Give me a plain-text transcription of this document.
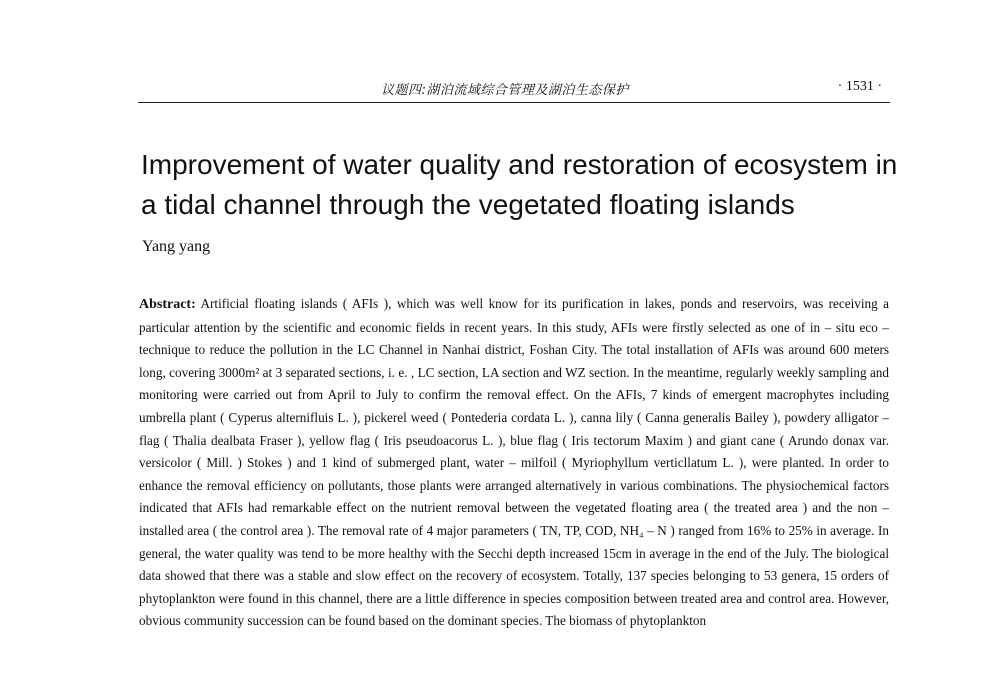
议题四:湖泊流域综合管理及湖泊生态保护	· 1531 ·
Improvement of water quality and restoration of ecosystem in a tidal channel through the vegetated floating islands

Yang yang

Abstract: Artificial floating islands ( AFIs ), which was well know for its purification in lakes, ponds and reservoirs, was receiving a particular attention by the scientific and economic fields in recent years. In this study, AFIs were firstly selected as one of in – situ eco – technique to reduce the pollution in the LC Channel in Nanhai district, Foshan City. The total installation of AFIs was around 600 meters long, covering 3000m² at 3 separated sections, i. e. , LC section, LA section and WZ section. In the meantime, regularly weekly sampling and monitoring were carried out from April to July to confirm the removal effect. On the AFIs, 7 kinds of emergent macrophytes including umbrella plant ( Cyperus alternifluis L. ), pickerel weed ( Pontederia cordata L. ), canna lily ( Canna generalis Bailey ), powdery alligator – flag ( Thalia dealbata Fraser ), yellow flag ( Iris pseudoacorus L. ), blue flag ( Iris tectorum Maxim ) and giant cane ( Arundo donax var. versicolor ( Mill. ) Stokes ) and 1 kind of submerged plant, water – milfoil ( Myriophyllum verticllatum L. ), were planted. In order to enhance the removal efficiency on pollutants, those plants were arranged alternatively in various combinations. The physiochemical factors indicated that AFIs had remarkable effect on the nutrient removal between the vegetated floating area ( the treated area ) and the non – installed area ( the control area ). The removal rate of 4 major parameters ( TN, TP, COD, NH₄ – N ) ranged from 16% to 25% in average. In general, the water quality was tend to be more healthy with the Secchi depth increased 15cm in average in the end of the July. The biological data showed that there was a stable and slow effect on the recovery of ecosystem. Totally, 137 species belonging to 53 genera, 15 orders of phytoplankton were found in this channel, there are a little difference in species composition between treated area and control area. However, obvious community succession can be found based on the dominant species. The biomass of phytoplankton
